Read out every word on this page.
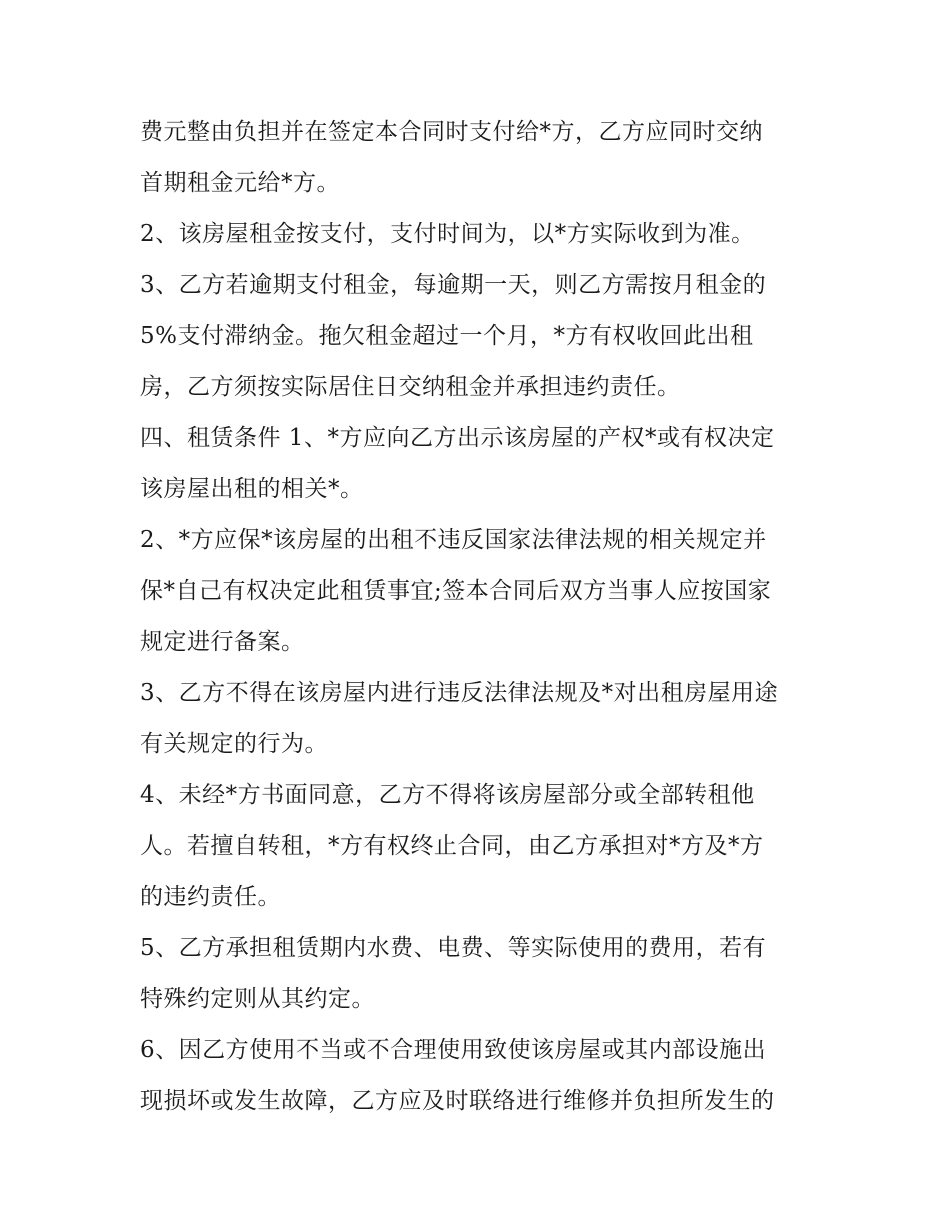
费元整由负担并在签定本合同时支付给*方，乙方应同时交纳
首期租金元给*方。
2、该房屋租金按支付，支付时间为，以*方实际收到为准。
3、乙方若逾期支付租金，每逾期一天，则乙方需按月租金的
5%支付滞纳金。拖欠租金超过一个月，*方有权收回此出租
房，乙方须按实际居住日交纳租金并承担违约责任。
四、租赁条件 1、*方应向乙方出示该房屋的产权*或有权决定
该房屋出租的相关*。
2、*方应保*该房屋的出租不违反国家法律法规的相关规定并
保*自己有权决定此租赁事宜;签本合同后双方当事人应按国家
规定进行备案。
3、乙方不得在该房屋内进行违反法律法规及*对出租房屋用途
有关规定的行为。
4、未经*方书面同意，乙方不得将该房屋部分或全部转租他
人。若擅自转租，*方有权终止合同，由乙方承担对*方及*方
的违约责任。
5、乙方承担租赁期内水费、电费、等实际使用的费用，若有
特殊约定则从其约定。
6、因乙方使用不当或不合理使用致使该房屋或其内部设施出
现损坏或发生故障，乙方应及时联络进行维修并负担所发生的
